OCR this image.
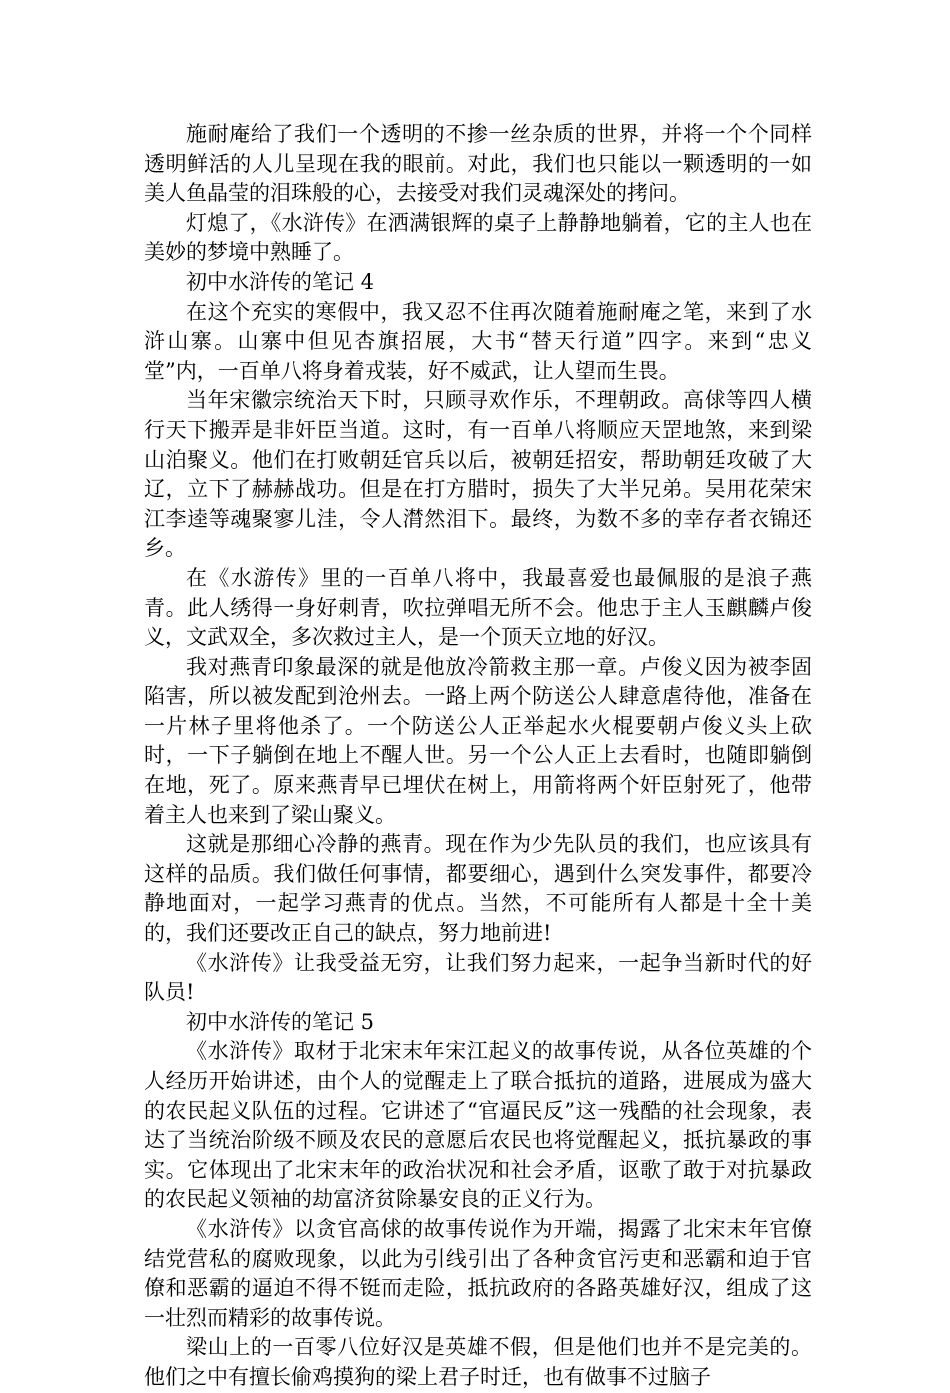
施耐庵给了我们一个透明的不掺一丝杂质的世界，并将一个个同样透明鲜活的人儿呈现在我的眼前。对此，我们也只能以一颗透明的一如美人鱼晶莹的泪珠般的心，去接受对我们灵魂深处的拷问。

灯熄了，《水浒传》在洒满银辉的桌子上静静地躺着，它的主人也在美妙的梦境中熟睡了。

初中水浒传的笔记 4

在这个充实的寒假中，我又忍不住再次随着施耐庵之笔，来到了水浒山寨。山寨中但见杏旗招展，大书“替天行道”四字。来到“忠义堂”内，一百单八将身着戎装，好不威武，让人望而生畏。

当年宋徽宗统治天下时，只顾寻欢作乐，不理朝政。高俅等四人横行天下搬弄是非奸臣当道。这时，有一百单八将顺应天罡地煞，来到梁山泊聚义。他们在打败朝廷官兵以后，被朝廷招安，帮助朝廷攻破了大辽，立下了赫赫战功。但是在打方腊时，损失了大半兄弟。吴用花荣宋江李逵等魂聚寥儿洼，令人潸然泪下。最终，为数不多的幸存者衣锦还乡。

在《水游传》里的一百单八将中，我最喜爱也最佩服的是浪子燕青。此人绣得一身好刺青，吹拉弹唱无所不会。他忠于主人玉麒麟卢俊义，文武双全，多次救过主人，是一个顶天立地的好汉。

我对燕青印象最深的就是他放冷箭救主那一章。卢俊义因为被李固陷害，所以被发配到沧州去。一路上两个防送公人肆意虐待他，准备在一片林子里将他杀了。一个防送公人正举起水火棍要朝卢俊义头上砍时，一下子躺倒在地上不醒人世。另一个公人正上去看时，也随即躺倒在地，死了。原来燕青早已埋伏在树上，用箭将两个奸臣射死了，他带着主人也来到了梁山聚义。

这就是那细心冷静的燕青。现在作为少先队员的我们，也应该具有这样的品质。我们做任何事情，都要细心，遇到什么突发事件，都要冷静地面对，一起学习燕青的优点。当然，不可能所有人都是十全十美的，我们还要改正自己的缺点，努力地前进!

《水浒传》让我受益无穷，让我们努力起来，一起争当新时代的好队员!

初中水浒传的笔记 5

《水浒传》取材于北宋末年宋江起义的故事传说，从各位英雄的个人经历开始讲述，由个人的觉醒走上了联合抵抗的道路，进展成为盛大的农民起义队伍的过程。它讲述了“官逼民反”这一残酷的社会现象，表达了当统治阶级不顾及农民的意愿后农民也将觉醒起义，抵抗暴政的事实。它体现出了北宋末年的政治状况和社会矛盾，讴歌了敢于对抗暴政的农民起义领袖的劫富济贫除暴安良的正义行为。

《水浒传》以贪官高俅的故事传说作为开端，揭露了北宋末年官僚结党营私的腐败现象，以此为引线引出了各种贪官污吏和恶霸和迫于官僚和恶霸的逼迫不得不铤而走险，抵抗政府的各路英雄好汉，组成了这一壮烈而精彩的故事传说。

梁山上的一百零八位好汉是英雄不假，但是他们也并不是完美的。他们之中有擅长偷鸡摸狗的梁上君子时迁，也有做事不过脑子
